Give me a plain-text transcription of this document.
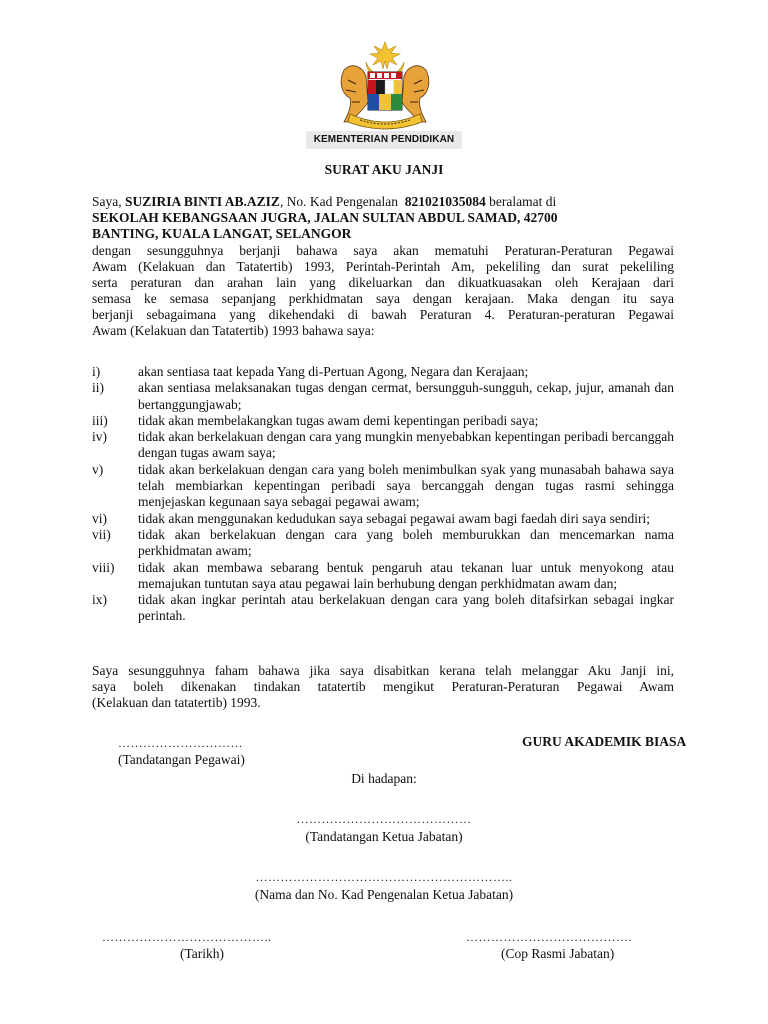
KEMENTERIAN PENDIDIKAN
SURAT AKU JANJI
Saya, SUZIRIA BINTI AB.AZIZ, No. Kad Pengenalan 821021035084 beralamat di
SEKOLAH KEBANGSAAN JUGRA, JALAN SULTAN ABDUL SAMAD, 42700
BANTING, KUALA LANGAT, SELANGOR
dengan sesungguhnya berjanji bahawa saya akan mematuhi Peraturan-Peraturan Pegawai
Awam (Kelakuan dan Tatatertib) 1993, Perintah-Perintah Am, pekeliling dan surat pekeliling
serta peraturan dan arahan lain yang dikeluarkan dan dikuatkuasakan oleh Kerajaan dari
semasa ke semasa sepanjang perkhidmatan saya dengan kerajaan. Maka dengan itu saya
berjanji sebagaimana yang dikehendaki di bawah Peraturan 4. Peraturan-peraturan Pegawai
Awam (Kelakuan dan Tatatertib) 1993 bahawa saya:
i)	akan sentiasa taat kepada Yang di-Pertuan Agong, Negara dan Kerajaan;
ii)	akan sentiasa melaksanakan tugas dengan cermat, bersungguh-sungguh, cekap, jujur, amanah dan bertanggungjawab;
iii)	tidak akan membelakangkan tugas awam demi kepentingan peribadi saya;
iv)	tidak akan berkelakuan dengan cara yang mungkin menyebabkan kepentingan peribadi bercanggah dengan tugas awam saya;
v)	tidak akan berkelakuan dengan cara yang boleh menimbulkan syak yang munasabah bahawa saya telah membiarkan kepentingan peribadi saya bercanggah dengan tugas rasmi sehingga menjejaskan kegunaan saya sebagai pegawai awam;
vi)	tidak akan menggunakan kedudukan saya sebagai pegawai awam bagi faedah diri saya sendiri;
vii)	tidak akan berkelakuan dengan cara yang boleh memburukkan dan mencemarkan nama perkhidmatan awam;
viii)	tidak akan membawa sebarang bentuk pengaruh atau tekanan luar untuk menyokong atau memajukan tuntutan saya atau pegawai lain berhubung dengan perkhidmatan awam dan;
ix)	tidak akan ingkar perintah atau berkelakuan dengan cara yang boleh ditafsirkan sebagai ingkar perintah.
Saya sesungguhnya faham bahawa jika saya disabitkan kerana telah melanggar Aku Janji ini,
saya boleh dikenakan tindakan tatatertib mengikut Peraturan-Peraturan Pegawai Awam
(Kelakuan dan tatatertib) 1993.
…………………………
(Tandatangan Pegawai)
GURU AKADEMIK BIASA
Di hadapan:
……………………………………
(Tandatangan Ketua Jabatan)
……………………………………………………..
(Nama dan No. Kad Pengenalan Ketua Jabatan)
…………………………………..
(Tarikh)
………………………………….
(Cop Rasmi Jabatan)
